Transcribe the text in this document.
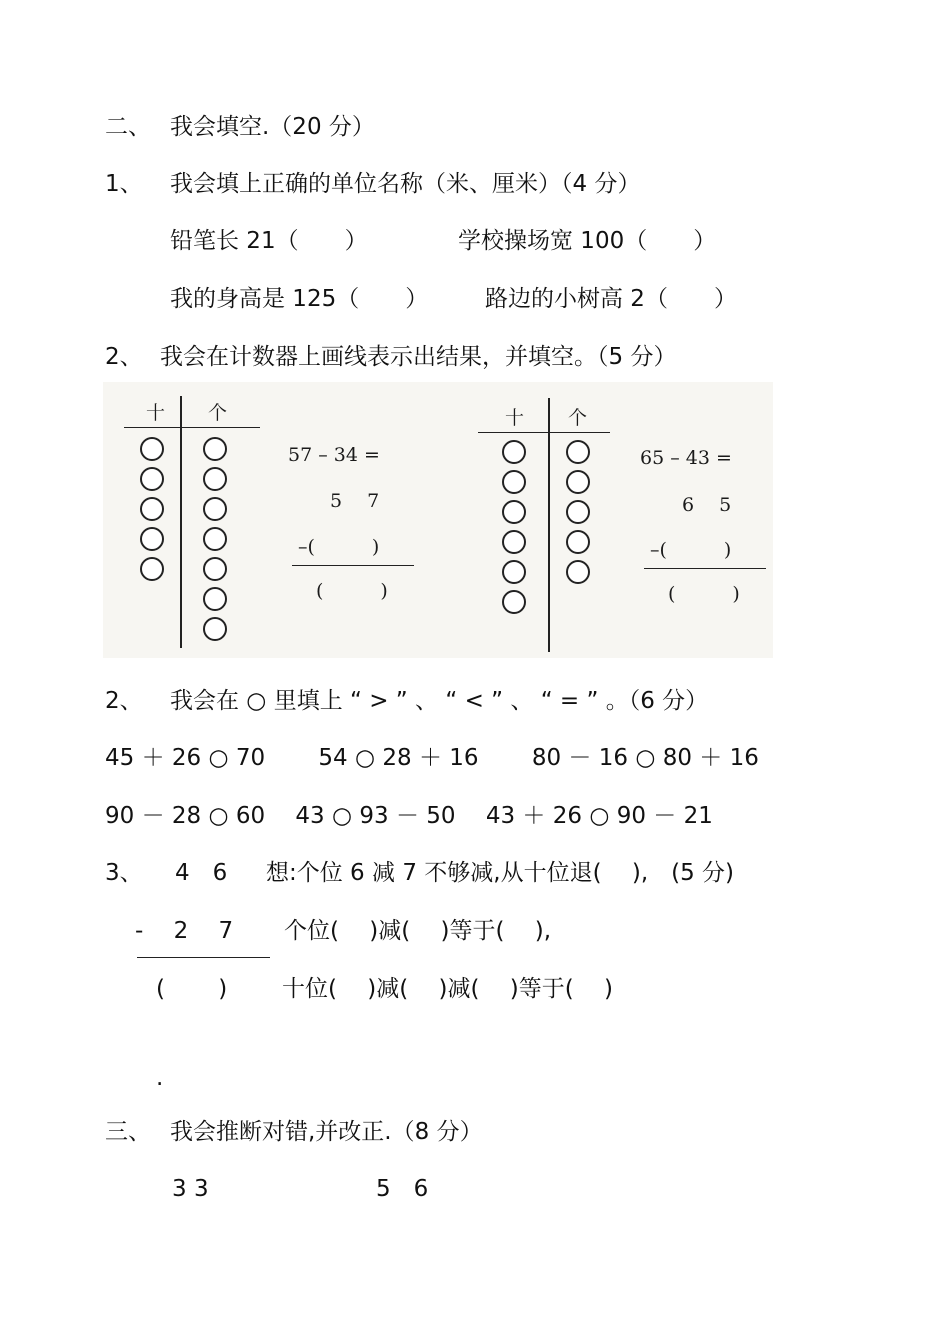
二、 我会填空.（20 分）
1、 我会填上正确的单位名称（米、厘米）（4 分）
铅笔长 21（　　）	学校操场宽 100（　　）
我的身高是 125（　　） 路边的小树高 2（　　）
2、 我会在计数器上画线表示出结果，并填空。（5 分）
十 个
57 – 34 =
5　 7
–(　　　)
(　　　)
十 个
65 – 43 =
6　 5
–(　　　)
(　　　)
2、 我会在 ○ 里填上 “ > ” 、 “ < ” 、 “ = ” 。（6 分）
45 ＋ 26 ○ 70　　 54 ○ 28 ＋ 16　　 80 － 16 ○ 80 ＋ 16
90 － 28 ○ 60　 43 ○ 93 － 50　 43 ＋ 26 ○ 90 － 21
3、 4　6 想:个位 6 减 7 不够减,从十位退(　 ),　(5 分)
- 　2　 7 个位(　 )减(　 )等于(　 ),
(　　 ) 十位(　 )减(　 )减(　 )等于(　 )
.
三、 我会推断对错,并改正.（8 分）
3 3	5　6
